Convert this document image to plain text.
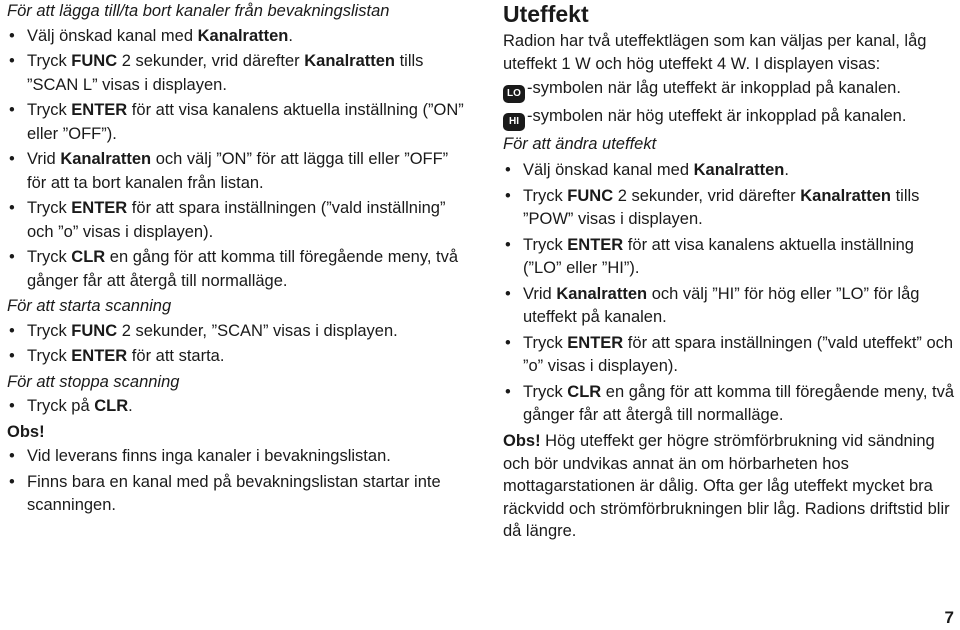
För att lägga till/ta bort kanaler från bevakningslistan

• Välj önskad kanal med Kanalratten.
• Tryck FUNC 2 sekunder, vrid därefter Kanalratten tills ”SCAN L” visas i displayen.
• Tryck ENTER för att visa kanalens aktuella inställning (”ON” eller ”OFF”).
• Vrid Kanalratten och välj ”ON” för att lägga till eller ”OFF” för att ta bort kanalen från listan.
• Tryck ENTER för att spara inställningen (”vald inställning” och ”o” visas i displayen).
• Tryck CLR en gång för att komma till föregående meny, två gånger får att återgå till normalläge.

För att starta scanning

• Tryck FUNC 2 sekunder, ”SCAN” visas i displayen.
• Tryck ENTER för att starta.

För att stoppa scanning

• Tryck på CLR.

Obs!

• Vid leverans finns inga kanaler i bevakningslistan.
• Finns bara en kanal med på bevakningslistan startar inte scanningen.

Uteffekt

Radion har två uteffektlägen som kan väljas per kanal, låg uteffekt 1 W och hög uteffekt 4 W. I displayen visas:

LO -symbolen när låg uteffekt är inkopplad på kanalen.

HI -symbolen när hög uteffekt är inkopplad på kanalen.

För att ändra uteffekt

• Välj önskad kanal med Kanalratten.
• Tryck FUNC 2 sekunder, vrid därefter Kanalratten tills ”POW” visas i displayen.
• Tryck ENTER för att visa kanalens aktuella inställning (”LO” eller ”HI”).
• Vrid Kanalratten och välj ”HI” för hög eller ”LO” för låg uteffekt på kanalen.
• Tryck ENTER för att spara inställningen (”vald uteffekt” och ”o” visas i displayen).
• Tryck CLR en gång för att komma till föregående meny, två gånger får att återgå till normalläge.

Obs! Hög uteffekt ger högre strömförbrukning vid sändning och bör undvikas annat än om hörbarheten hos mottagarstationen är dålig. Ofta ger låg uteffekt mycket bra räckvidd och strömförbrukningen blir låg. Radions driftstid blir då längre.

7
